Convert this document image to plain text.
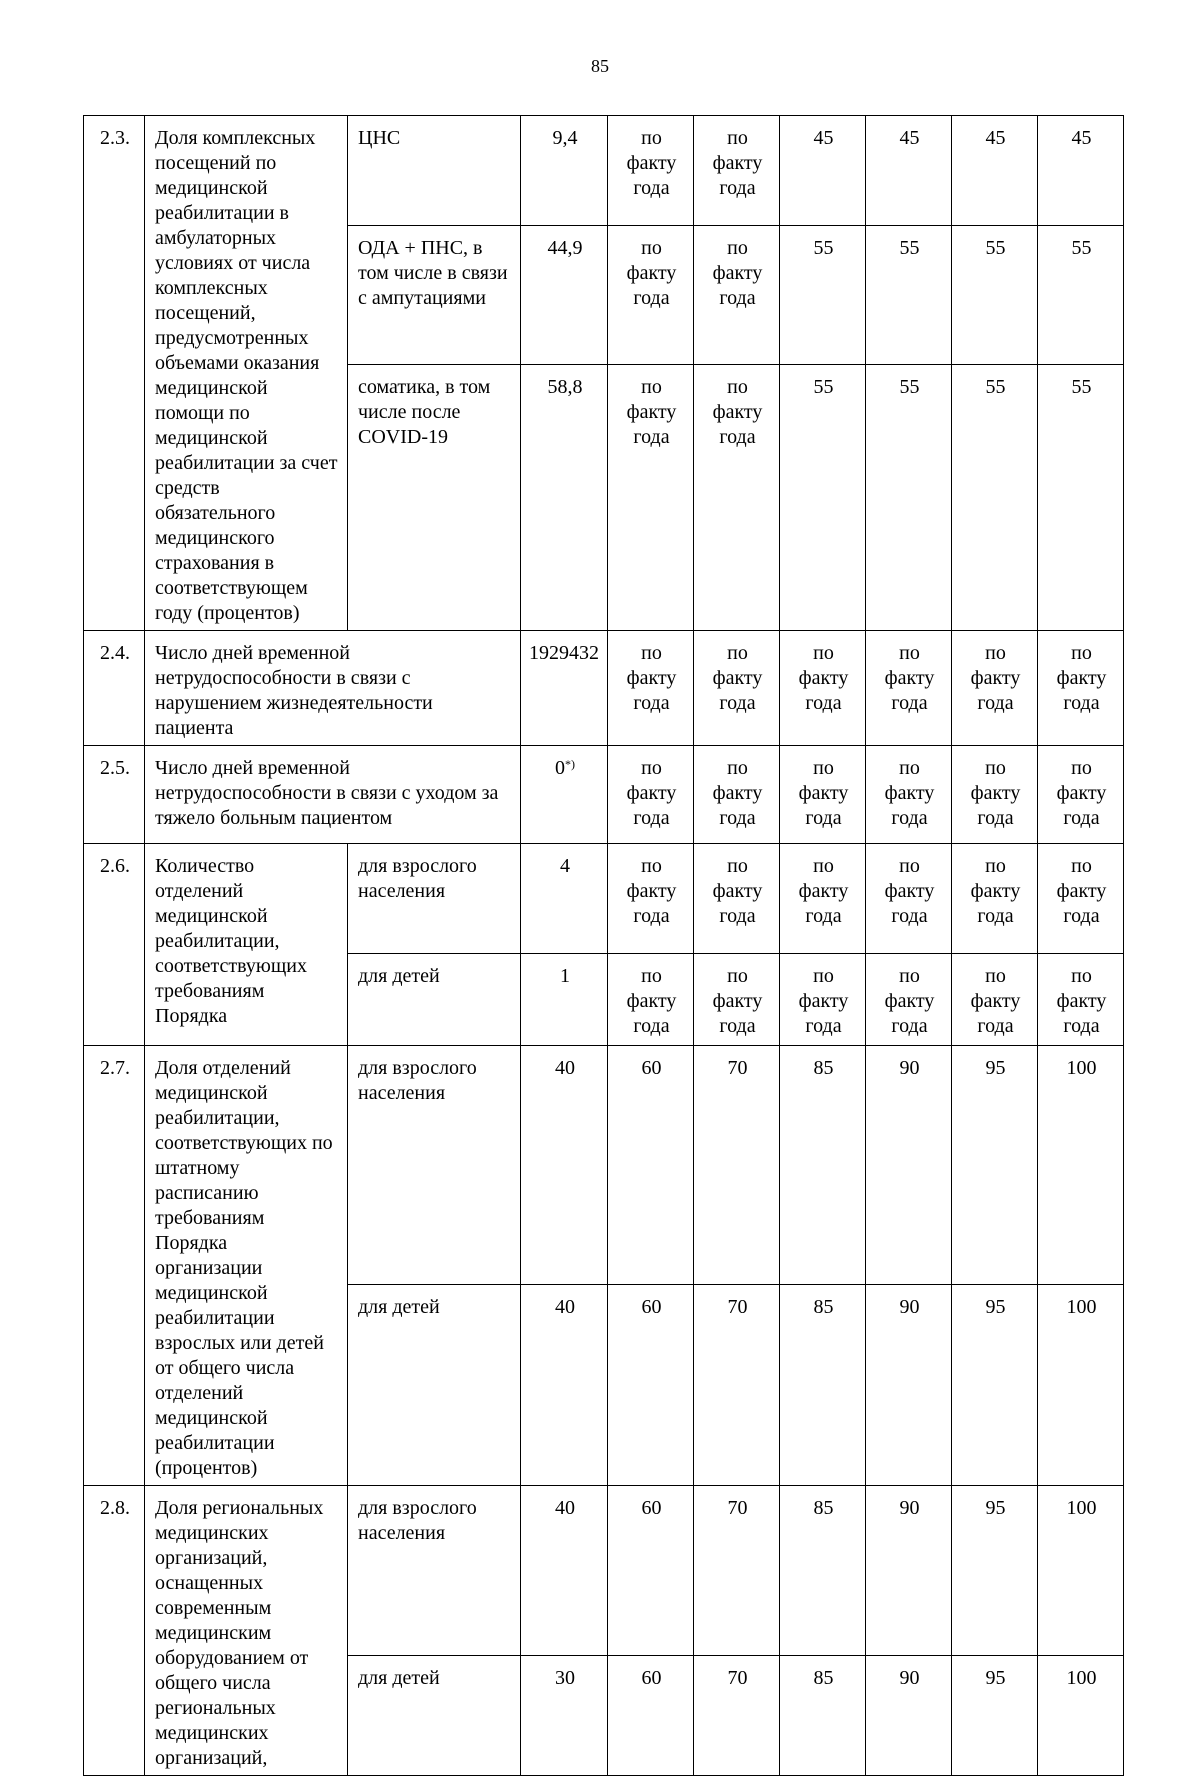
85
2.3.	Доля комплексных посещений по медицинской реабилитации в амбулаторных условиях от числа комплексных посещений, предусмотренных объемами оказания медицинской помощи по медицинской реабилитации за счет средств обязательного медицинского страхования в соответствующем году (процентов)	ЦНС	9,4	по факту года	по факту года	45	45	45	45
		ОДА + ПНС, в том числе в связи с ампутациями	44,9	по факту года	по факту года	55	55	55	55
		соматика, в том числе после COVID-19	58,8	по факту года	по факту года	55	55	55	55
2.4.	Число дней временной нетрудоспособности в связи с нарушением жизнедеятельности пациента		1929432	по факту года	по факту года	по факту года	по факту года	по факту года	по факту года
2.5.	Число дней временной нетрудоспособности в связи с уходом за тяжело больным пациентом		0*)	по факту года	по факту года	по факту года	по факту года	по факту года	по факту года
2.6.	Количество отделений медицинской реабилитации, соответствующих требованиям Порядка	для взрослого населения	4	по факту года	по факту года	по факту года	по факту года	по факту года	по факту года
		для детей	1	по факту года	по факту года	по факту года	по факту года	по факту года	по факту года
2.7.	Доля отделений медицинской реабилитации, соответствующих по штатному расписанию требованиям Порядка организации медицинской реабилитации взрослых или детей от общего числа отделений медицинской реабилитации (процентов)	для взрослого населения	40	60	70	85	90	95	100
		для детей	40	60	70	85	90	95	100
2.8.	Доля региональных медицинских организаций, оснащенных современным медицинским оборудованием от общего числа региональных медицинских организаций,	для взрослого населения	40	60	70	85	90	95	100
		для детей	30	60	70	85	90	95	100
